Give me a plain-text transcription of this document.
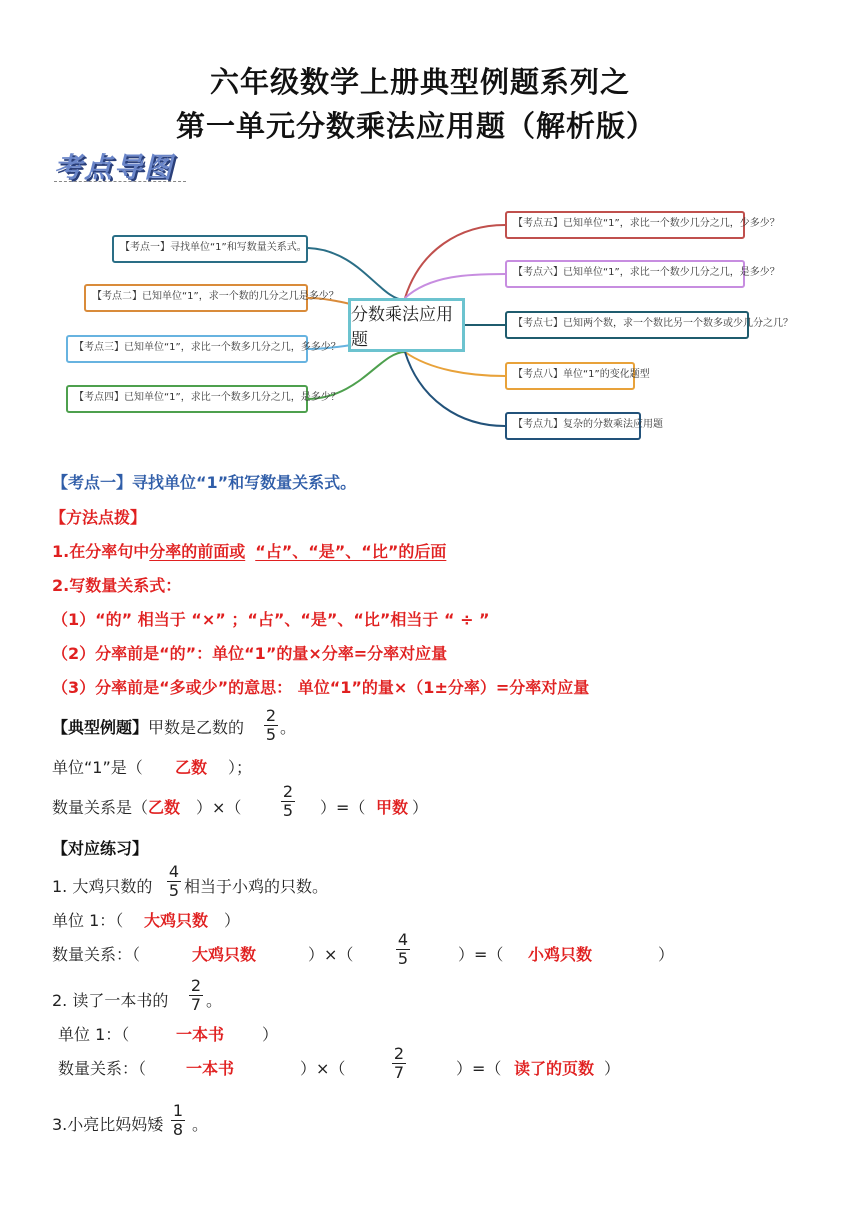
六年级数学上册典型例题系列之
第一单元分数乘法应用题（解析版）
考点导图
分数乘法应用题
【考点一】寻找单位“1”和写数量关系式。
【考点二】已知单位“1”，求一个数的几分之几是多少？
【考点三】已知单位“1”，求比一个数多几分之几，多多少？
【考点四】已知单位“1”，求比一个数多几分之几，是多少？
【考点五】已知单位“1”，求比一个数少几分之几，少多少？
【考点六】已知单位“1”，求比一个数少几分之几，是多少？
【考点七】已知两个数，求一个数比另一个数多或少几分之几？
【考点八】单位“1”的变化题型
【考点九】复杂的分数乘法应用题
【考点一】寻找单位“1”和写数量关系式。
【方法点拨】
1.在分率句中分率的前面或 “占”、“是”、“比”的后面
2.写数量关系式：
（1）“的” 相当于 “×” ；“占”、“是”、“比”相当于 “ ÷ ”
（2）分率前是“的”：单位“1”的量×分率=分率对应量
（3）分率前是“多或少”的意思： 单位“1”的量×（1±分率）=分率对应量
【典型例题】甲数是乙数的 $\frac{2}{5}$ 。
单位“1”是（ 乙数 ）；
数量关系是（ 乙数 ）×（ $\frac{2}{5}$ ）=（ 甲数 ）
【对应练习】
1. 大鸡只数的 $\frac{4}{5}$ 相当于小鸡的只数。
单位 1：（ 大鸡只数 ）
数量关系：（	大鸡只数	）×（	$\frac{4}{5}$	）=（ 小鸡只数	）
2. 读了一本书的 $\frac{2}{7}$ 。
单位 1：（	一本书 ）
数量关系：（ 一本书	）×（	$\frac{2}{7}$	）=（ 读了的页数 ）
3.小亮比妈妈矮 $\frac{1}{8}$ 。
